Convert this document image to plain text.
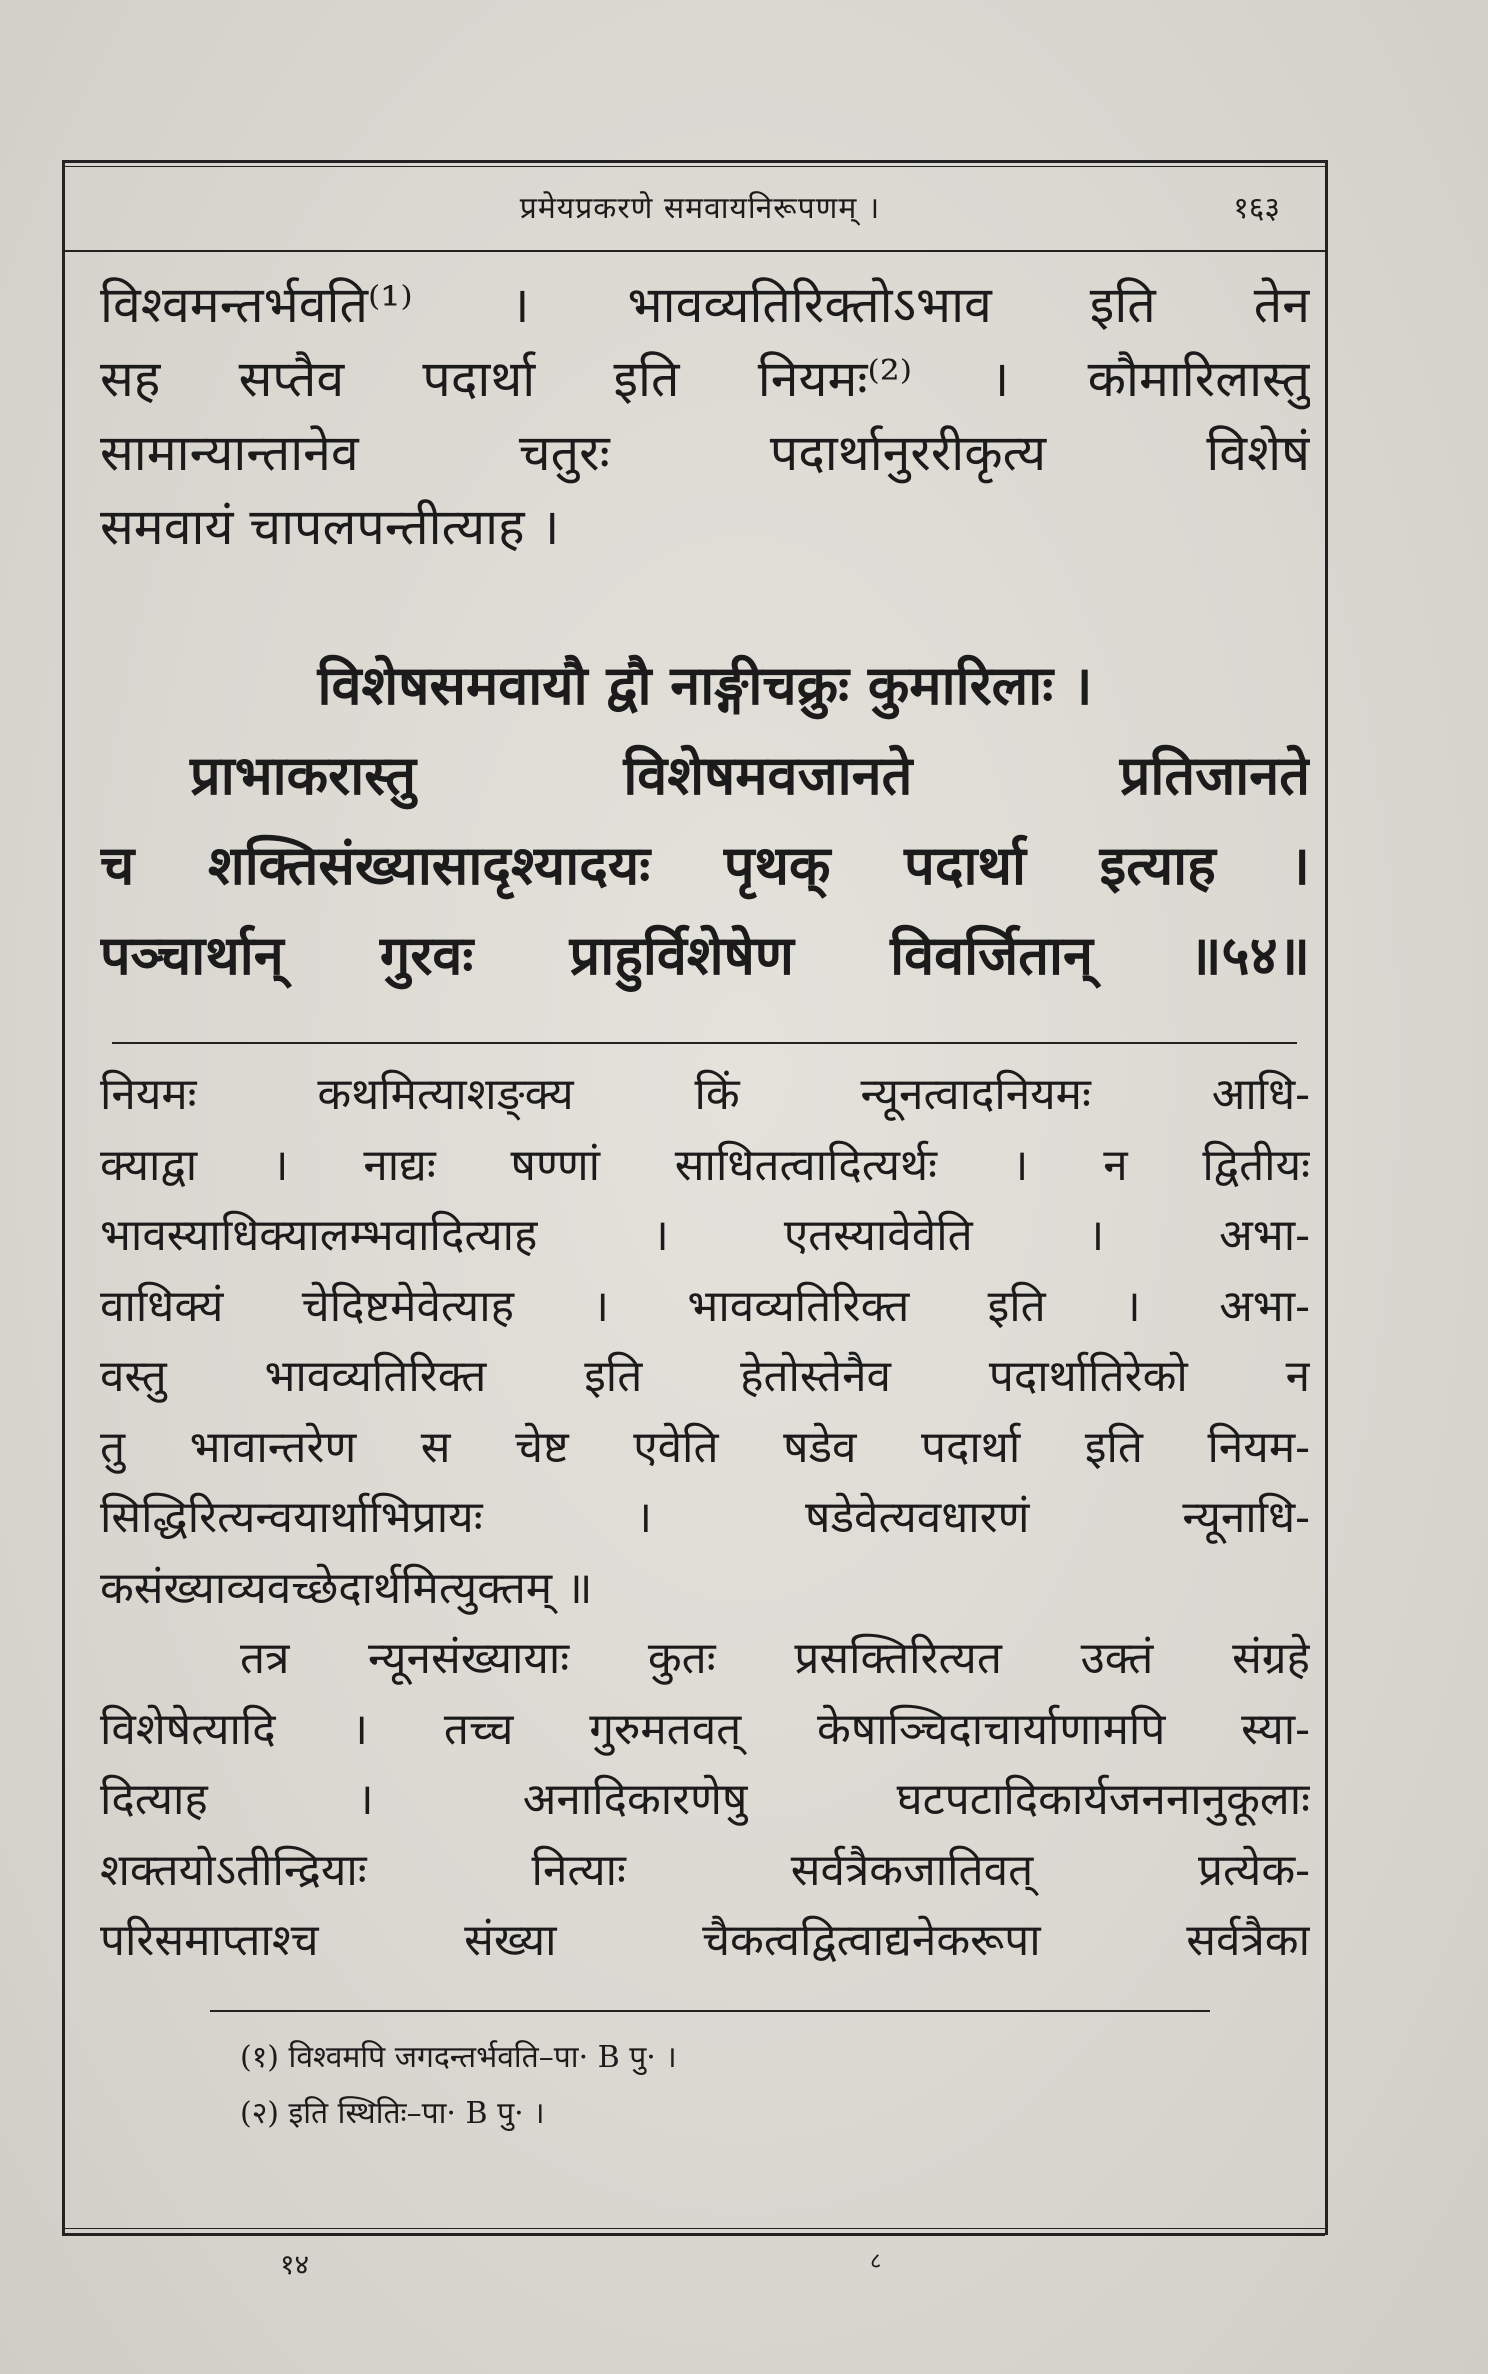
प्रमेयप्रकरणे समवायनिरूपणम् ।	१६३
विश्वमन्तर्भवति⁽¹⁾ । भावव्यतिरिक्तोऽभाव इति तेन
सह सप्तैव पदार्था इति नियमः⁽²⁾ । कौमारिलास्तु
सामान्यान्तानेव चतुरः पदार्थानुररीकृत्य विशेषं
समवायं चापलपन्तीत्याह ।
विशेषसमवायौ द्वौ नाङ्गीचक्रुः कुमारिलाः ।
प्राभाकरास्तु विशेषमवजानते प्रतिजानते
च शक्तिसंख्यासादृश्यादयः पृथक् पदार्था इत्याह ।
पञ्चार्थान् गुरवः प्राहुर्विशेषेण विवर्जितान् ॥५४॥
नियमः कथमित्याशङ्क्य किं न्यूनत्वादनियमः आधि-
क्याद्वा । नाद्यः षण्णां साधितत्वादित्यर्थः । न द्वितीयः
भावस्याधिक्यालम्भवादित्याह । एतस्यावेवेति । अभा-
वाधिक्यं चेदिष्टमेवेत्याह । भावव्यतिरिक्त इति । अभा-
वस्तु भावव्यतिरिक्त इति हेतोस्तेनैव पदार्थातिरेको न
तु भावान्तरेण स चेष्ट एवेति षडेव पदार्था इति नियम-
सिद्धिरित्यन्वयार्थाभिप्रायः । षडेवेत्यवधारणं न्यूनाधि-
कसंख्याव्यवच्छेदार्थमित्युक्तम् ॥
तत्र न्यूनसंख्यायाः कुतः प्रसक्तिरित्यत उक्तं संग्रहे
विशेषेत्यादि । तच्च गुरुमतवत् केषाञ्चिदाचार्याणामपि स्या-
दित्याह । अनादिकारणेषु घटपटादिकार्यजननानुकूलाः
शक्तयोऽतीन्द्रियाः नित्याः सर्वत्रैकजातिवत् प्रत्येक-
परिसमाप्ताश्च संख्या चैकत्वद्वित्वाद्यनेकरूपा सर्वत्रैका
(१) विश्वमपि जगदन्तर्भवति–पा· B पु· ।
(२) इति स्थितिः–पा· B पु· ।
१४	८
